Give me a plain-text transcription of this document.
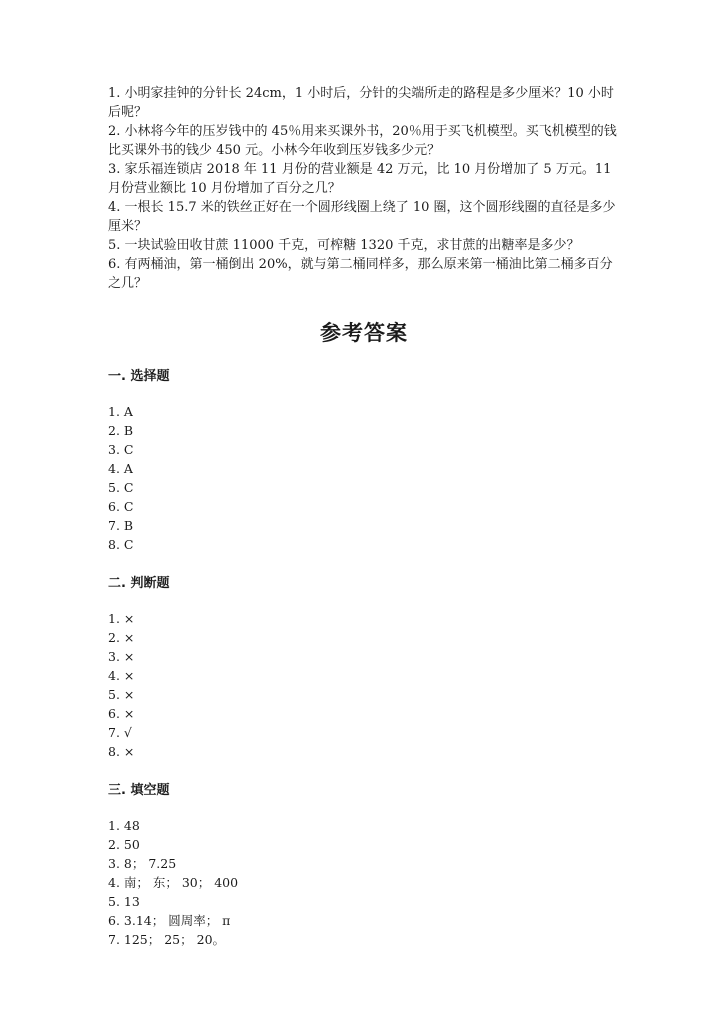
1. 小明家挂钟的分针长 24cm，1 小时后，分针的尖端所走的路程是多少厘米？10 小时后呢？

2. 小林将今年的压岁钱中的 45％用来买课外书，20％用于买飞机模型。买飞机模型的钱比买课外书的钱少 450 元。小林今年收到压岁钱多少元？

3. 家乐福连锁店 2018 年 11 月份的营业额是 42 万元，比 10 月份增加了 5 万元。11 月份营业额比 10 月份增加了百分之几？

4. 一根长 15.7 米的铁丝正好在一个圆形线圈上绕了 10 圈，这个圆形线圈的直径是多少厘米？

5. 一块试验田收甘蔗 11000 千克，可榨糖 1320 千克，求甘蔗的出糖率是多少？

6. 有两桶油，第一桶倒出 20%，就与第二桶同样多，那么原来第一桶油比第二桶多百分之几？

参考答案
一. 选择题
1. A
2. B
3. C
4. A
5. C
6. C
7. B
8. C
二. 判断题
1. ×
2. ×
3. ×
4. ×
5. ×
6. ×
7. √
8. ×
三. 填空题
1. 48
2. 50
3. 8； 7.25
4. 南； 东； 30； 400
5. 13
6. 3.14； 圆周率； π
7. 125； 25； 20。
